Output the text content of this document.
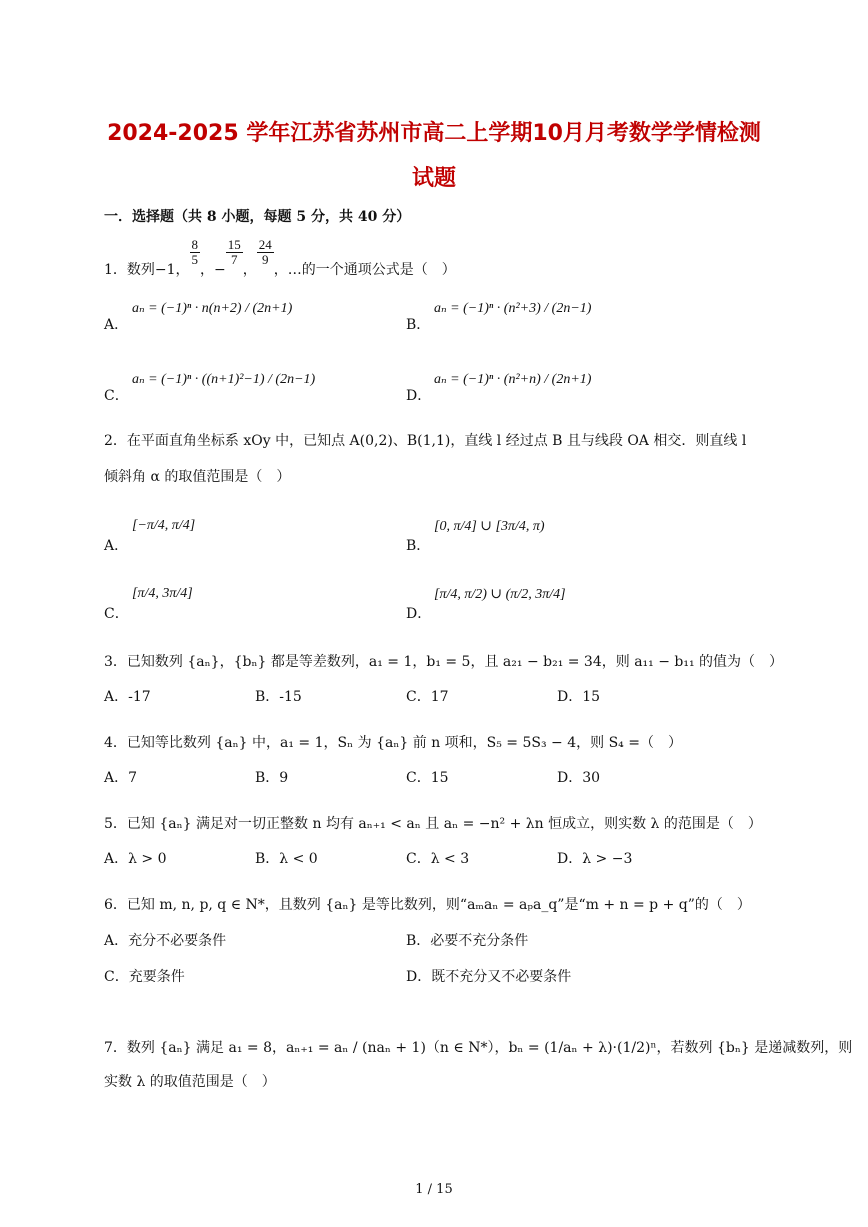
2024-2025 学年江苏省苏州市高二上学期10月月考数学学情检测
试题
一．选择题（共 8 小题，每题 5 分，共 40 分）
1．数列−1，
$\frac{8}{5}$
，−
$\frac{15}{7}$
，
$\frac{24}{9}$
，…的一个通项公式是（　）
A．
aₙ = (−1)ⁿ · n(n+2) / (2n+1)
B．
aₙ = (−1)ⁿ · (n²+3) / (2n−1)
C．
aₙ = (−1)ⁿ · ((n+1)²−1) / (2n−1)
D．
aₙ = (−1)ⁿ · (n²+n) / (2n+1)
2．在平面直角坐标系 xOy 中，已知点 A(0,2)、B(1,1)，直线 l 经过点 B 且与线段 OA 相交．则直线 l
倾斜角 α 的取值范围是（　）
A．
[−π/4, π/4]
B．
[0, π/4] ∪ [3π/4, π)
C．
[π/4, 3π/4]
D．
[π/4, π/2) ∪ (π/2, 3π/4]
3．已知数列 {aₙ}，{bₙ} 都是等差数列，a₁ = 1，b₁ = 5，且 a₂₁ − b₂₁ = 34，则 a₁₁ − b₁₁ 的值为（　）
A．-17	B．-15	C．17	D．15
4．已知等比数列 {aₙ} 中，a₁ = 1，Sₙ 为 {aₙ} 前 n 项和，S₅ = 5S₃ − 4，则 S₄ =（　）
A．7	B．9	C．15	D．30
5．已知 {aₙ} 满足对一切正整数 n 均有 aₙ₊₁ < aₙ 且 aₙ = −n² + λn 恒成立，则实数 λ 的范围是（　）
A．λ > 0	B．λ < 0	C．λ < 3	D．λ > −3
6．已知 m, n, p, q ∈ N*，且数列 {aₙ} 是等比数列，则“aₘaₙ = aₚa_q”是“m + n = p + q”的（　）
A．充分不必要条件	B．必要不充分条件
C．充要条件	D．既不充分又不必要条件
7．数列 {aₙ} 满足 a₁ = 8，aₙ₊₁ = aₙ / (naₙ + 1)（n ∈ N*），bₙ = (1/aₙ + λ)·(1/2)ⁿ，若数列 {bₙ} 是递减数列，则
实数 λ 的取值范围是（　）
1 / 15
